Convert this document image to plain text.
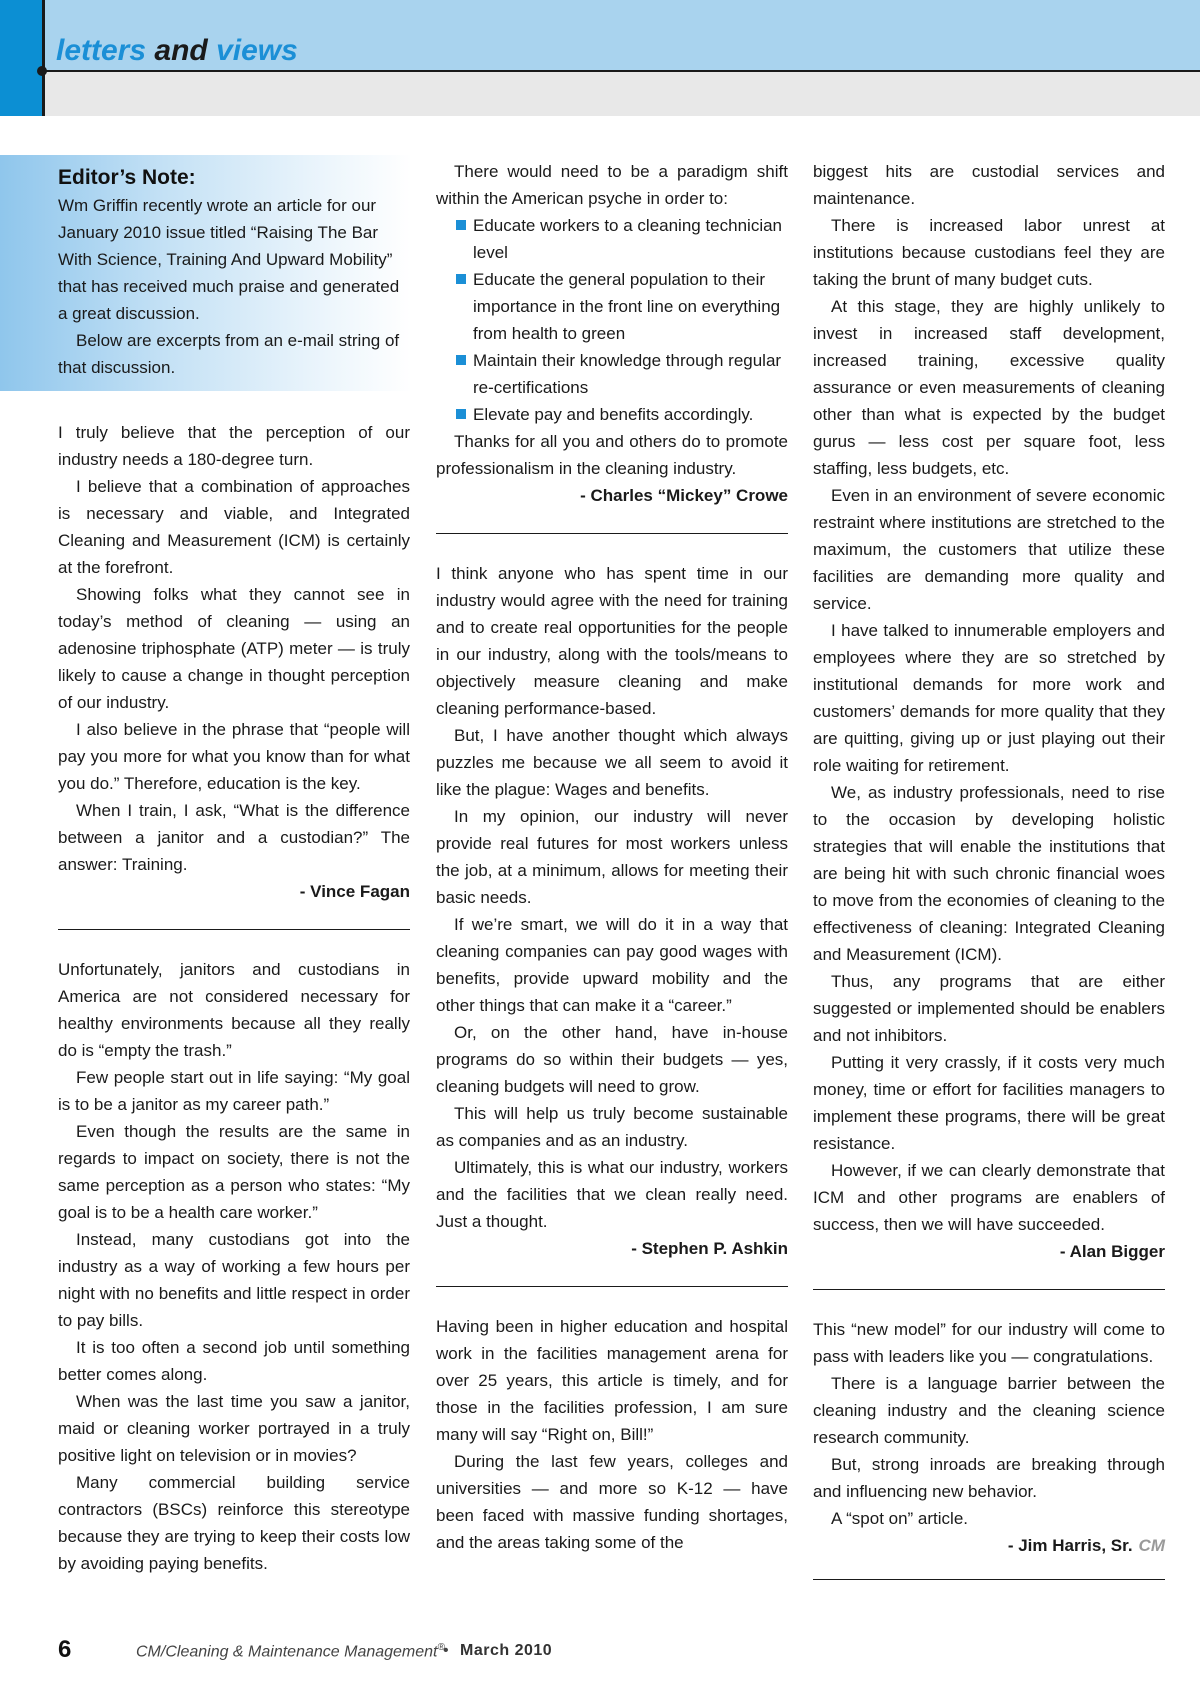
letters and views
Editor’s Note:

Wm Griffin recently wrote an article for our January 2010 issue titled “Raising The Bar With Science, Training And Upward Mobility” that has received much praise and generated a great discussion.

Below are excerpts from an e-mail string of that discussion.

I truly believe that the perception of our industry needs a 180-degree turn.

I believe that a combination of approaches is necessary and viable, and Integrated Cleaning and Measurement (ICM) is certainly at the forefront.

Showing folks what they cannot see in today’s method of cleaning — using an adenosine triphosphate (ATP) meter — is truly likely to cause a change in thought perception of our industry.

I also believe in the phrase that “people will pay you more for what you know than for what you do.” Therefore, education is the key.

When I train, I ask, “What is the difference between a janitor and a custodian?” The answer: Training.

- Vince Fagan

Unfortunately, janitors and custodians in America are not considered necessary for healthy environments because all they really do is “empty the trash.”

Few people start out in life saying: “My goal is to be a janitor as my career path.”

Even though the results are the same in regards to impact on society, there is not the same perception as a person who states: “My goal is to be a health care worker.”

Instead, many custodians got into the industry as a way of working a few hours per night with no benefits and little respect in order to pay bills.

It is too often a second job until something better comes along.

When was the last time you saw a janitor, maid or cleaning worker portrayed in a truly positive light on television or in movies?

Many commercial building service contractors (BSCs) reinforce this stereotype because they are trying to keep their costs low by avoiding paying benefits.

There would need to be a paradigm shift within the American psyche in order to:

Educate workers to a cleaning technician level
Educate the general population to their importance in the front line on everything from health to green
Maintain their knowledge through regular re-certifications
Elevate pay and benefits accordingly.

Thanks for all you and others do to promote professionalism in the cleaning industry.

- Charles “Mickey” Crowe

I think anyone who has spent time in our industry would agree with the need for training and to create real opportunities for the people in our industry, along with the tools/means to objectively measure cleaning and make cleaning performance-based.

But, I have another thought which always puzzles me because we all seem to avoid it like the plague: Wages and benefits.

In my opinion, our industry will never provide real futures for most workers unless the job, at a minimum, allows for meeting their basic needs.

If we’re smart, we will do it in a way that cleaning companies can pay good wages with benefits, provide upward mobility and the other things that can make it a “career.”

Or, on the other hand, have in-house programs do so within their budgets — yes, cleaning budgets will need to grow.

This will help us truly become sustainable as companies and as an industry.

Ultimately, this is what our industry, workers and the facilities that we clean really need. Just a thought.

- Stephen P. Ashkin

Having been in higher education and hospital work in the facilities management arena for over 25 years, this article is timely, and for those in the facilities profession, I am sure many will say “Right on, Bill!”

During the last few years, colleges and universities — and more so K-12 — have been faced with massive funding shortages, and the areas taking some of the

biggest hits are custodial services and maintenance.

There is increased labor unrest at institutions because custodians feel they are taking the brunt of many budget cuts.

At this stage, they are highly unlikely to invest in increased staff development, increased training, excessive quality assurance or even measurements of cleaning other than what is expected by the budget gurus — less cost per square foot, less staffing, less budgets, etc.

Even in an environment of severe economic restraint where institutions are stretched to the maximum, the customers that utilize these facilities are demanding more quality and service.

I have talked to innumerable employers and employees where they are so stretched by institutional demands for more work and customers’ demands for more quality that they are quitting, giving up or just playing out their role waiting for retirement.

We, as industry professionals, need to rise to the occasion by developing holistic strategies that will enable the institutions that are being hit with such chronic financial woes to move from the economies of cleaning to the effectiveness of cleaning: Integrated Cleaning and Measurement (ICM).

Thus, any programs that are either suggested or implemented should be enablers and not inhibitors.

Putting it very crassly, if it costs very much money, time or effort for facilities managers to implement these programs, there will be great resistance.

However, if we can clearly demonstrate that ICM and other programs are enablers of success, then we will have succeeded.

- Alan Bigger

This “new model” for our industry will come to pass with leaders like you — congratulations.

There is a language barrier between the cleaning industry and the cleaning science research community.

But, strong inroads are breaking through and influencing new behavior.

A “spot on” article.

- Jim Harris, Sr. CM
6	CM/Cleaning & Maintenance Management®
• March 2010
